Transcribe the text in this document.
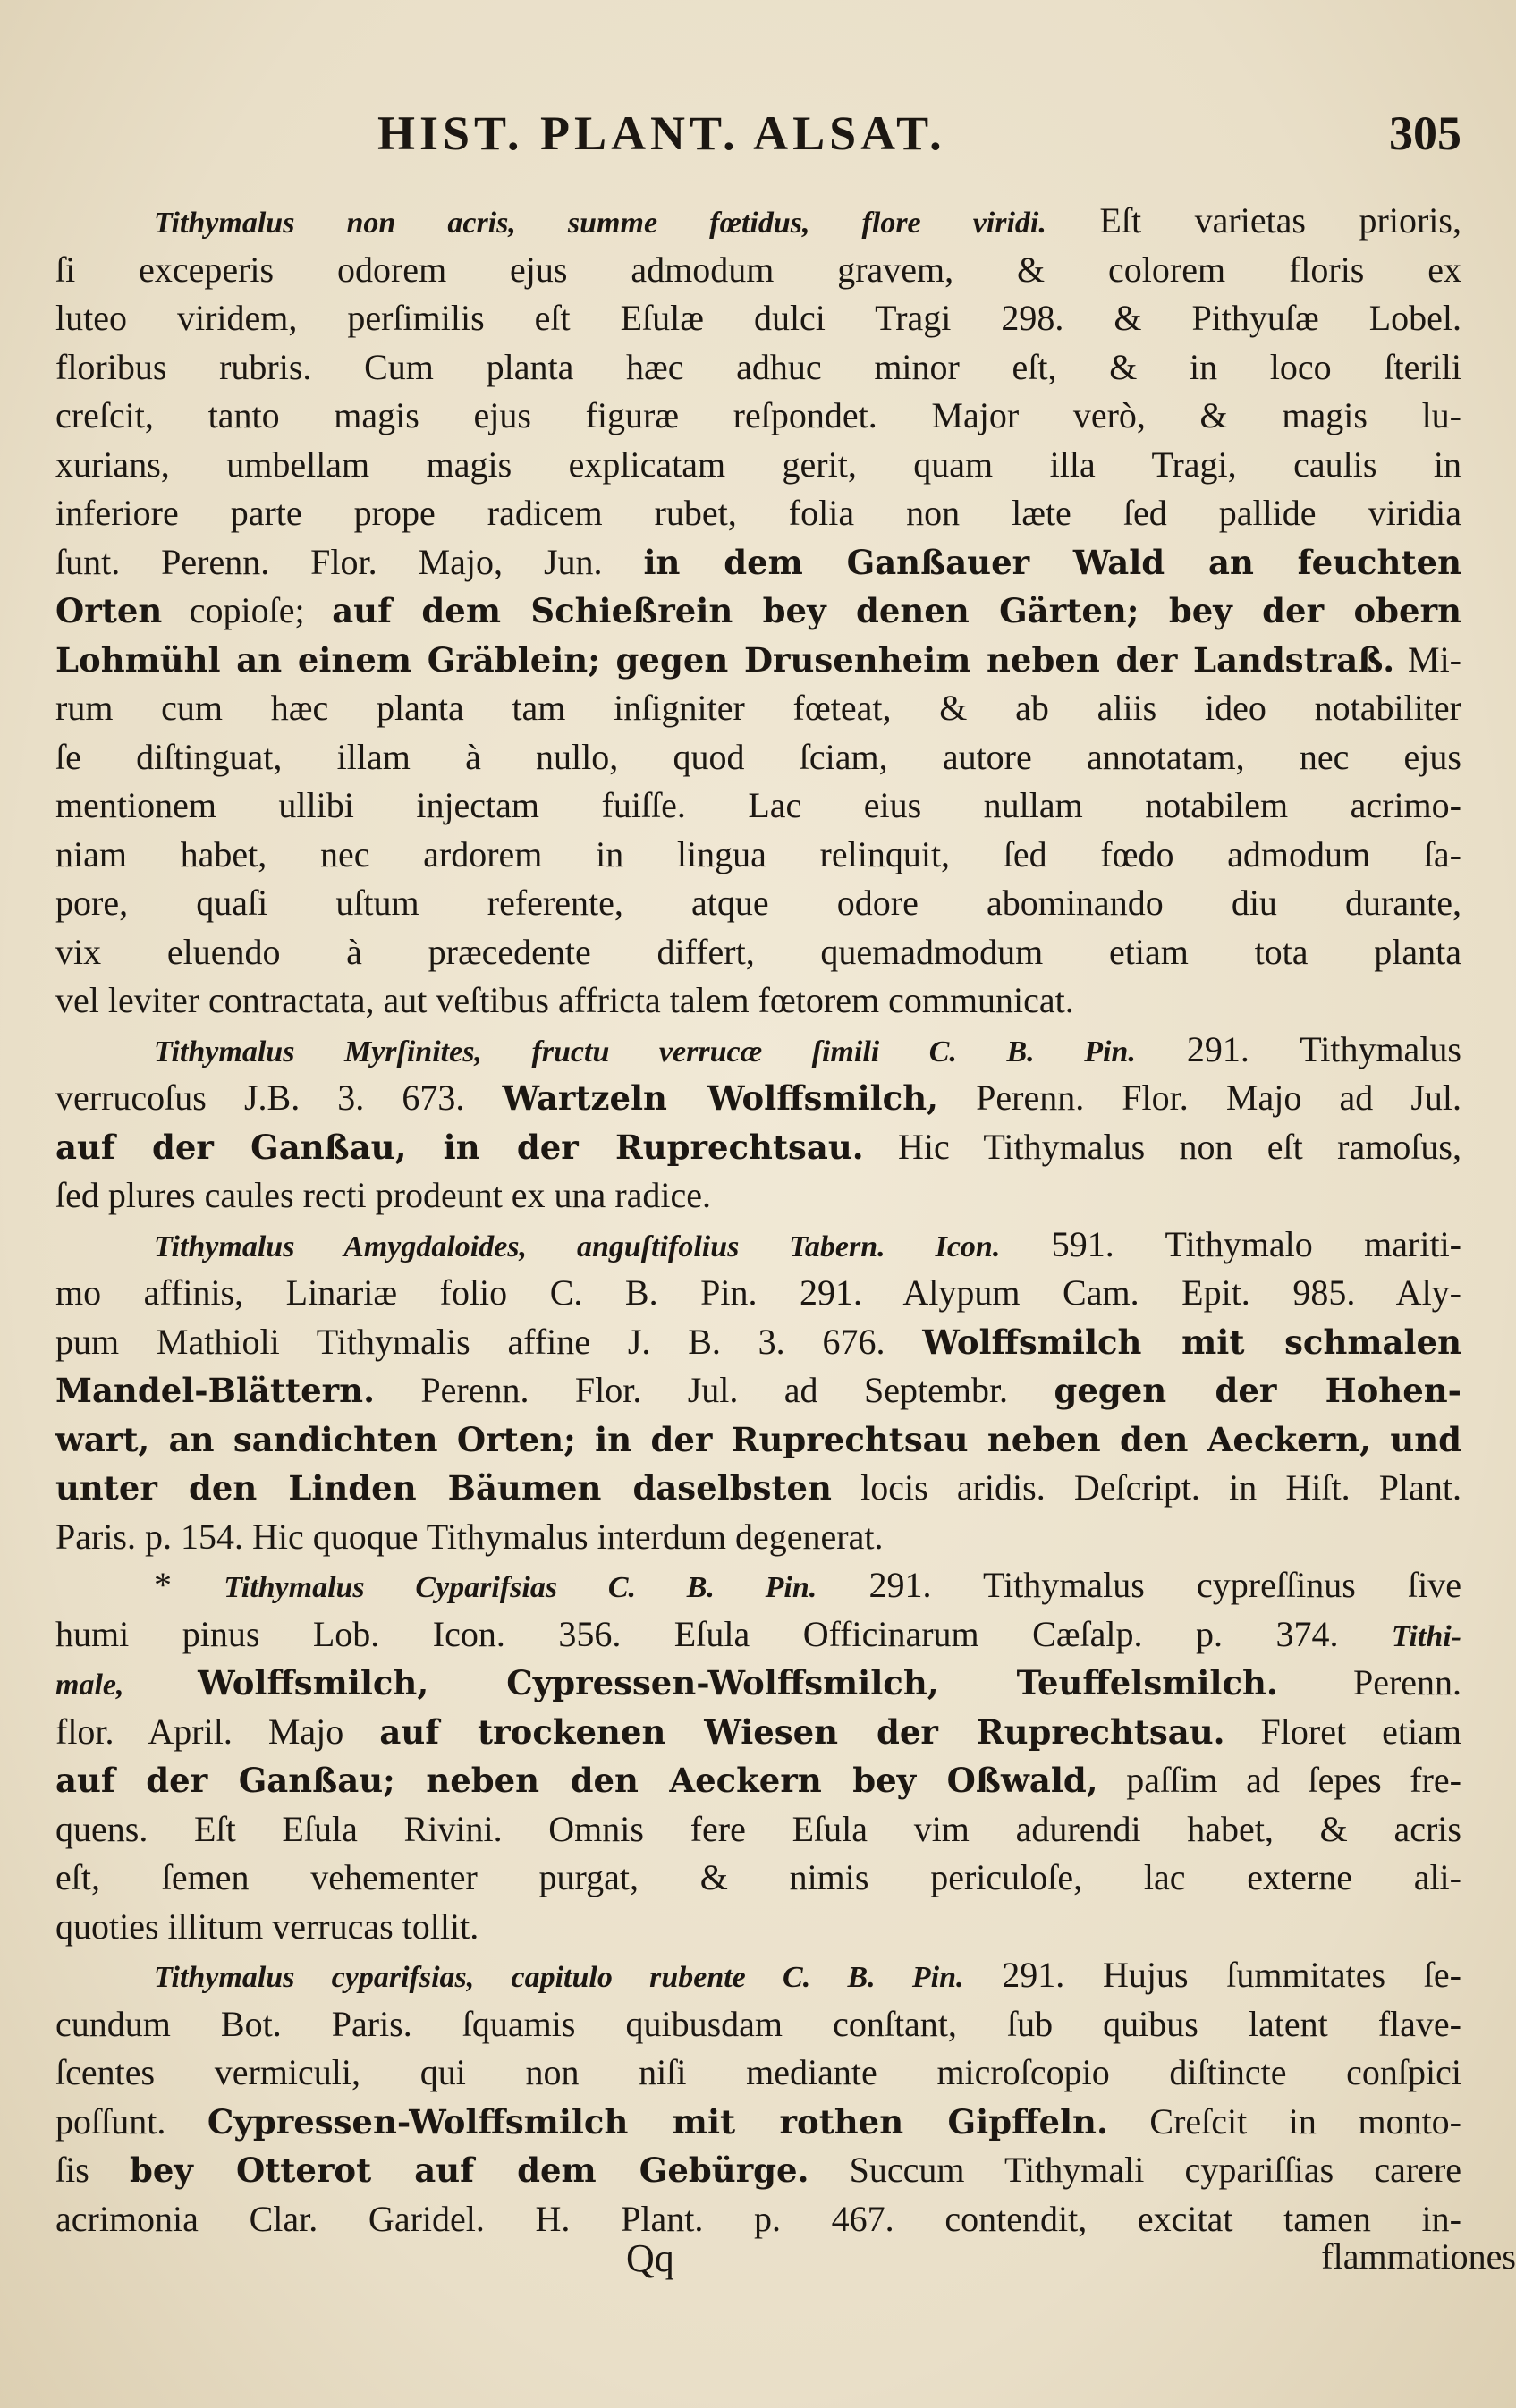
HIST. PLANT. ALSAT.	305
Tithymalus non acris, summe fœtidus, flore viridi. Eſt varietas prioris,
ſi exceperis odorem ejus admodum gravem, & colorem floris ex
luteo viridem, perſimilis eſt Eſulæ dulci Tragi 298. & Pithyuſæ Lobel.
floribus rubris. Cum planta hæc adhuc minor eſt, & in loco ſterili
creſcit, tanto magis ejus figuræ reſpondet. Major verò, & magis lu-
xurians, umbellam magis explicatam gerit, quam illa Tragi, caulis in
inferiore parte prope radicem rubet, folia non læte ſed pallide viridia
ſunt. Perenn. Flor. Majo, Jun. in dem Ganßauer Wald an feuchten
Orten copioſe; auf dem Schießrein bey denen Gärten; bey der obern
Lohmühl an einem Gräblein; gegen Drusenheim neben der Landstraß. Mi-
rum cum hæc planta tam inſigniter fœteat, & ab aliis ideo notabiliter
ſe diſtinguat, illam à nullo, quod ſciam, autore annotatam, nec ejus
mentionem ullibi injectam fuiſſe. Lac eius nullam notabilem acrimo-
niam habet, nec ardorem in lingua relinquit, ſed fœdo admodum ſa-
pore, quaſi uſtum referente, atque odore abominando diu durante,
vix eluendo à præcedente differt, quemadmodum etiam tota planta
vel leviter contractata, aut veſtibus affricta talem fœtorem communicat.
Tithymalus Myrſinites, fructu verrucæ ſimili C. B. Pin. 291. Tithymalus
verrucoſus J.B. 3. 673. Wartzeln Wolffsmilch, Perenn. Flor. Majo ad Jul.
auf der Ganßau, in der Ruprechtsau. Hic Tithymalus non eſt ramoſus,
ſed plures caules recti prodeunt ex una radice.
Tithymalus Amygdaloides, anguſtifolius Tabern. Icon. 591. Tithymalo mariti-
mo affinis, Linariæ folio C. B. Pin. 291. Alypum Cam. Epit. 985. Aly-
pum Mathioli Tithymalis affine J. B. 3. 676. Wolffsmilch mit schmalen
Mandel-Blättern. Perenn. Flor. Jul. ad Septembr. gegen der Hohen-
wart, an sandichten Orten; in der Ruprechtsau neben den Aeckern, und
unter den Linden Bäumen daselbsten locis aridis. Deſcript. in Hiſt. Plant.
Paris. p. 154. Hic quoque Tithymalus interdum degenerat.
* Tithymalus Cyparifsias C. B. Pin. 291. Tithymalus cypreſſinus ſive
humi pinus Lob. Icon. 356. Eſula Officinarum Cæſalp. p. 374. Tithi-
male, Wolffsmilch, Cypressen-Wolffsmilch, Teuffelsmilch. Perenn.
flor. April. Majo auf trockenen Wiesen der Ruprechtsau. Floret etiam
auf der Ganßau; neben den Aeckern bey Oßwald, paſſim ad ſepes fre-
quens. Eſt Eſula Rivini. Omnis fere Eſula vim adurendi habet, & acris
eſt, ſemen vehementer purgat, & nimis periculoſe, lac externe ali-
quoties illitum verrucas tollit.
Tithymalus cyparifsias, capitulo rubente C. B. Pin. 291. Hujus ſummitates ſe-
cundum Bot. Paris. ſquamis quibusdam conſtant, ſub quibus latent flave-
ſcentes vermiculi, qui non niſi mediante microſcopio diſtincte conſpici
poſſunt. Cypressen-Wolffsmilch mit rothen Gipffeln. Creſcit in monto-
ſis bey Otterot auf dem Gebürge. Succum Tithymali cypariſſias carere
acrimonia Clar. Garidel. H. Plant. p. 467. contendit, excitat tamen in-
Qq	flammationes
